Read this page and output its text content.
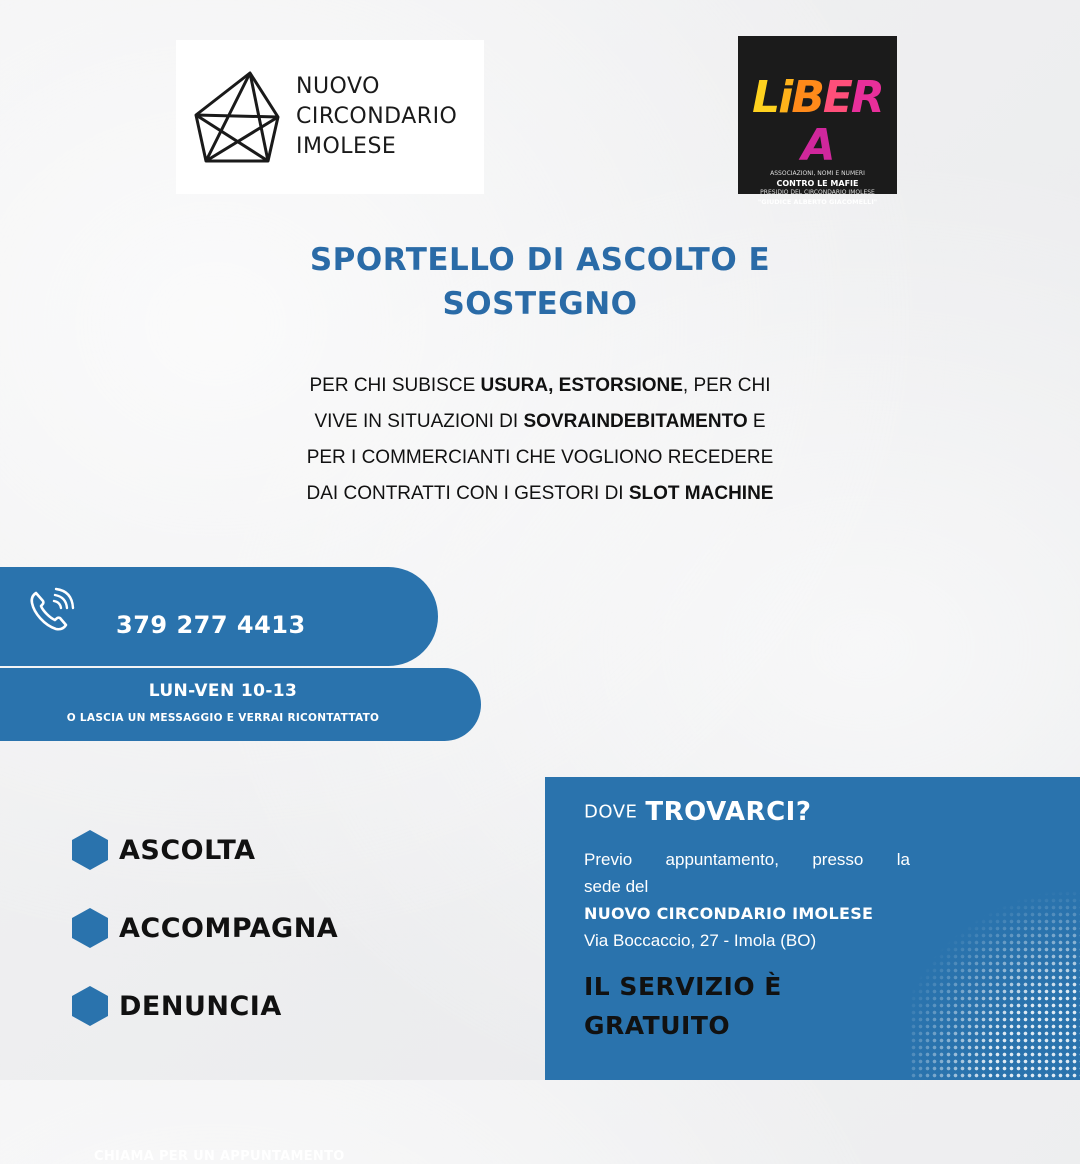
NUOVO
CIRCONDARIO
IMOLESE
LiBERA
ASSOCIAZIONI, NOMI E NUMERI
CONTRO LE MAFIE
PRESIDIO DEL CIRCONDARIO IMOLESE
"GIUDICE ALBERTO GIACOMELLI"
SPORTELLO DI ASCOLTO E
SOSTEGNO
PER CHI SUBISCE USURA, ESTORSIONE, PER CHI
VIVE IN SITUAZIONI DI SOVRAINDEBITAMENTO E
PER I COMMERCIANTI CHE VOGLIONO RECEDERE
DAI CONTRATTI CON I GESTORI DI SLOT MACHINE
CHIAMA PER UN APPUNTAMENTO
379 277 4413
LUN-VEN 10-13
O LASCIA UN MESSAGGIO E VERRAI RICONTATTATO
ASCOLTA
ACCOMPAGNA
DENUNCIA
DOVE TROVARCI?
Previo appuntamento, presso la
sede del
NUOVO CIRCONDARIO IMOLESE
Via Boccaccio, 27 - Imola (BO)
IL SERVIZIO È
GRATUITO
